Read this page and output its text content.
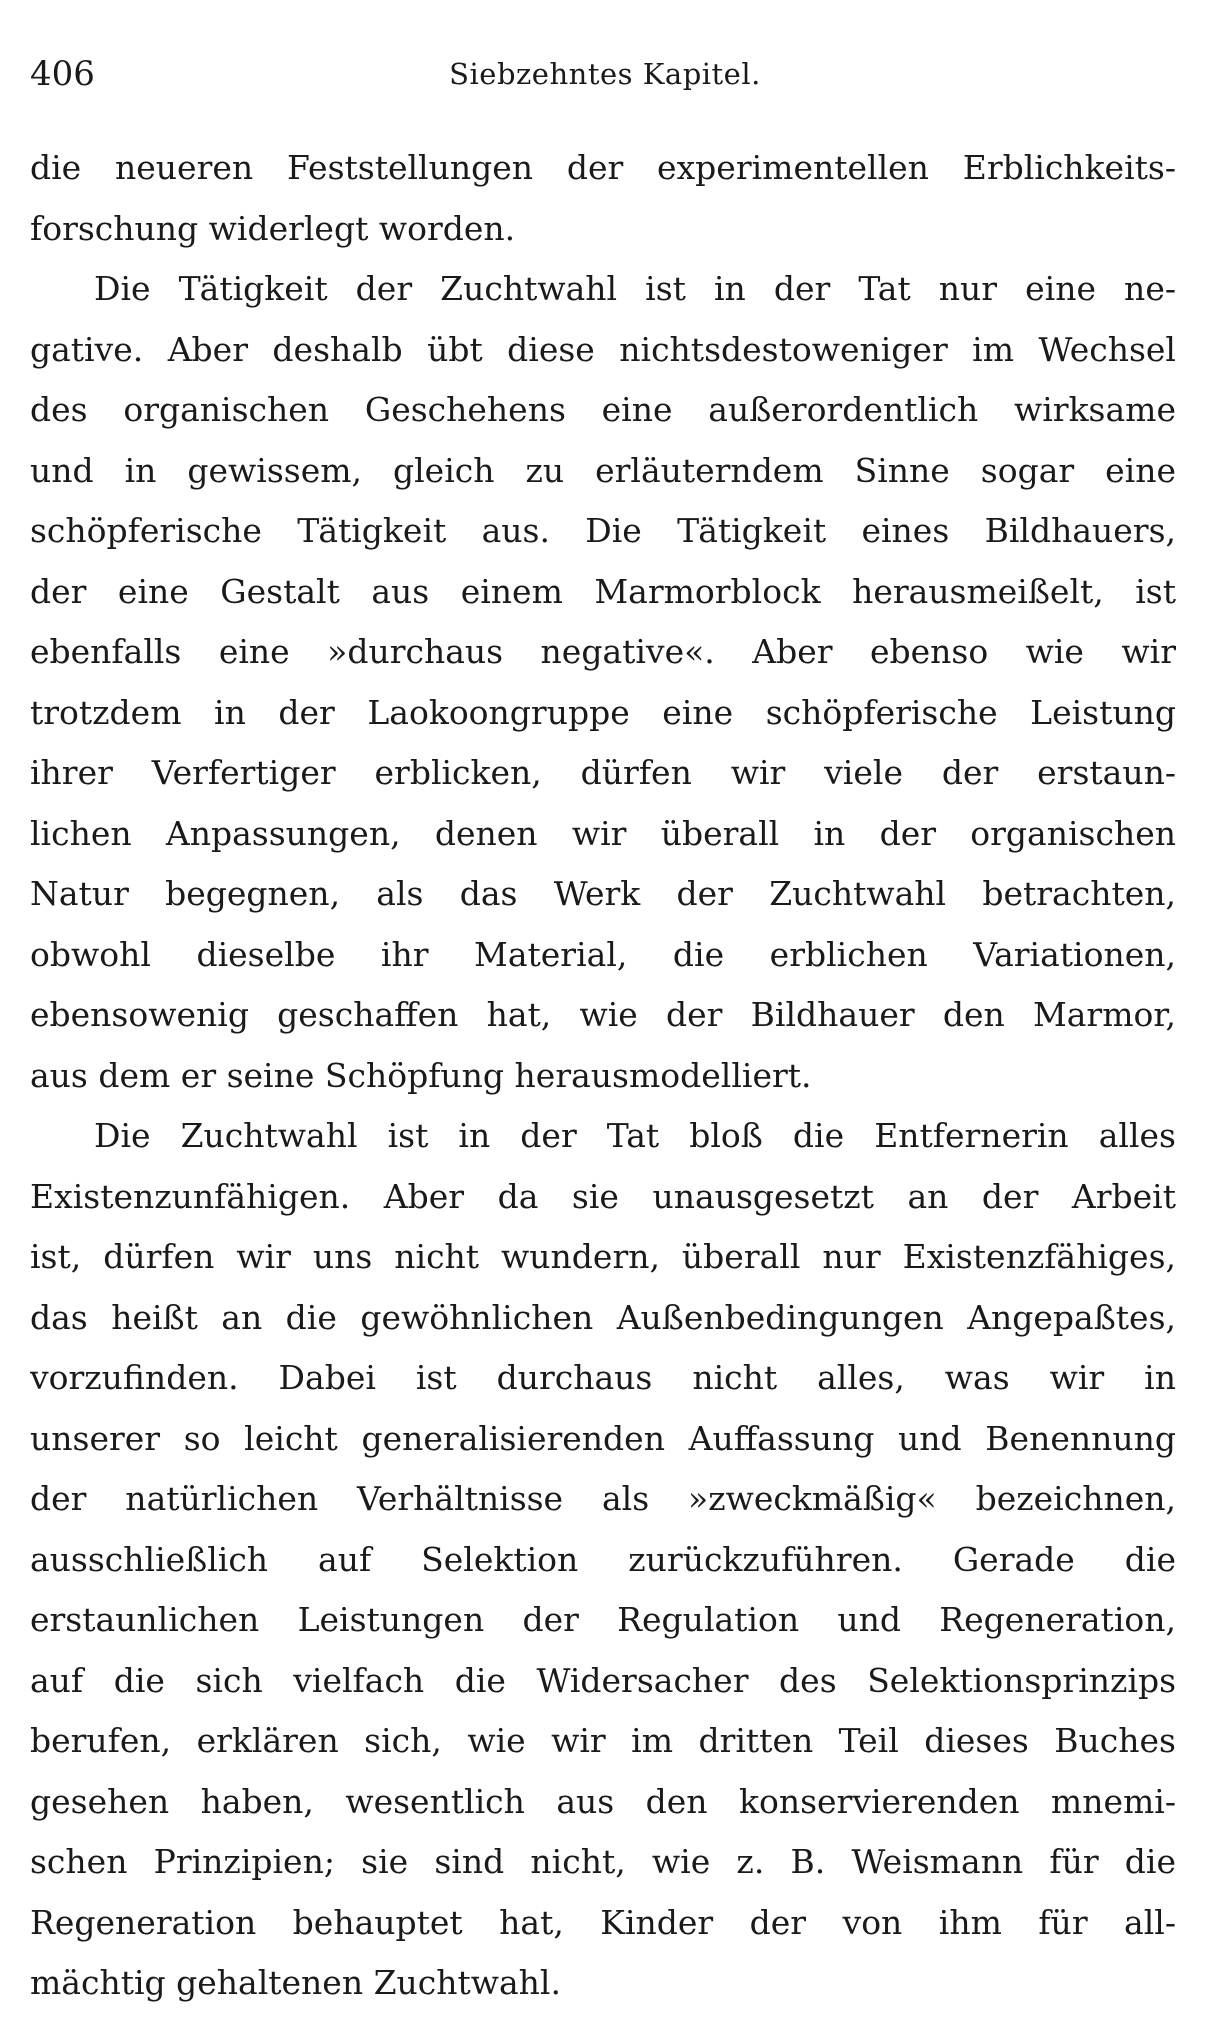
406	Siebzehntes Kapitel.
die neueren Feststellungen der experimentellen Erblichkeits-
forschung widerlegt worden.
Die Tätigkeit der Zuchtwahl ist in der Tat nur eine ne-
gative. Aber deshalb übt diese nichtsdestoweniger im Wechsel
des organischen Geschehens eine außerordentlich wirksame
und in gewissem, gleich zu erläuterndem Sinne sogar eine
schöpferische Tätigkeit aus. Die Tätigkeit eines Bildhauers,
der eine Gestalt aus einem Marmorblock herausmeißelt, ist
ebenfalls eine »durchaus negative«. Aber ebenso wie wir
trotzdem in der Laokoongruppe eine schöpferische Leistung
ihrer Verfertiger erblicken, dürfen wir viele der erstaun-
lichen Anpassungen, denen wir überall in der organischen
Natur begegnen, als das Werk der Zuchtwahl betrachten,
obwohl dieselbe ihr Material, die erblichen Variationen,
ebensowenig geschaffen hat, wie der Bildhauer den Marmor,
aus dem er seine Schöpfung herausmodelliert.
Die Zuchtwahl ist in der Tat bloß die Entfernerin alles
Existenzunfähigen. Aber da sie unausgesetzt an der Arbeit
ist, dürfen wir uns nicht wundern, überall nur Existenzfähiges,
das heißt an die gewöhnlichen Außenbedingungen Angepaßtes,
vorzufinden. Dabei ist durchaus nicht alles, was wir in
unserer so leicht generalisierenden Auffassung und Benennung
der natürlichen Verhältnisse als »zweckmäßig« bezeichnen,
ausschließlich auf Selektion zurückzuführen. Gerade die
erstaunlichen Leistungen der Regulation und Regeneration,
auf die sich vielfach die Widersacher des Selektionsprinzips
berufen, erklären sich, wie wir im dritten Teil dieses Buches
gesehen haben, wesentlich aus den konservierenden mnemi-
schen Prinzipien; sie sind nicht, wie z. B. Weismann für die
Regeneration behauptet hat, Kinder der von ihm für all-
mächtig gehaltenen Zuchtwahl.
